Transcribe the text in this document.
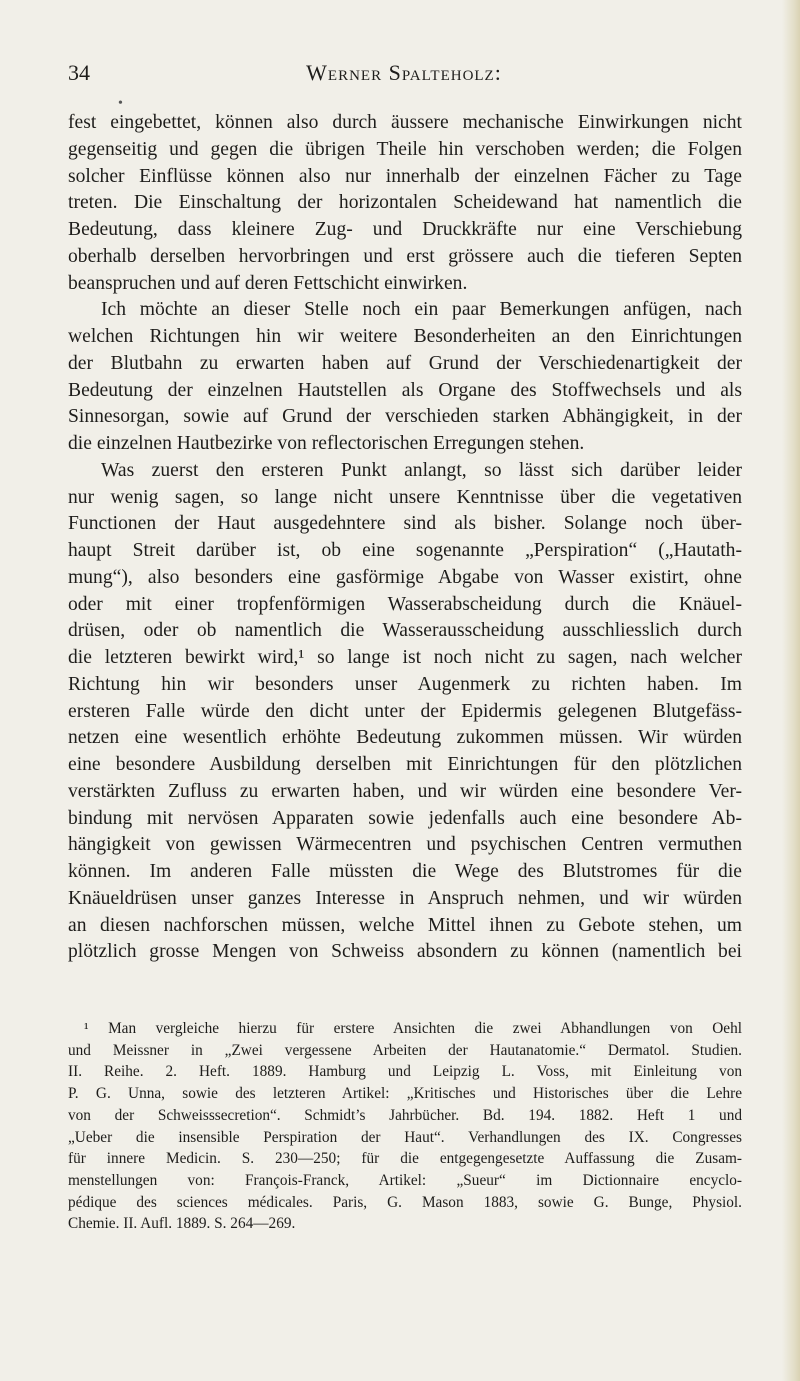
34	Werner Spalteholz:
•
fest eingebettet, können also durch äussere mechanische Einwirkungen nicht
gegenseitig und gegen die übrigen Theile hin verschoben werden; die Folgen
solcher Einflüsse können also nur innerhalb der einzelnen Fächer zu Tage
treten. Die Einschaltung der horizontalen Scheidewand hat namentlich die
Bedeutung, dass kleinere Zug- und Druckkräfte nur eine Verschiebung
oberhalb derselben hervorbringen und erst grössere auch die tieferen Septen
beanspruchen und auf deren Fettschicht einwirken.
Ich möchte an dieser Stelle noch ein paar Bemerkungen anfügen, nach
welchen Richtungen hin wir weitere Besonderheiten an den Einrichtungen
der Blutbahn zu erwarten haben auf Grund der Verschiedenartigkeit der
Bedeutung der einzelnen Hautstellen als Organe des Stoffwechsels und als
Sinnesorgan, sowie auf Grund der verschieden starken Abhängigkeit, in der
die einzelnen Hautbezirke von reflectorischen Erregungen stehen.
Was zuerst den ersteren Punkt anlangt, so lässt sich darüber leider
nur wenig sagen, so lange nicht unsere Kenntnisse über die vegetativen
Functionen der Haut ausgedehntere sind als bisher. Solange noch über-
haupt Streit darüber ist, ob eine sogenannte „Perspiration“ („Hautath-
mung“), also besonders eine gasförmige Abgabe von Wasser existirt, ohne
oder mit einer tropfenförmigen Wasserabscheidung durch die Knäuel-
drüsen, oder ob namentlich die Wasserausscheidung ausschliesslich durch
die letzteren bewirkt wird,¹ so lange ist noch nicht zu sagen, nach welcher
Richtung hin wir besonders unser Augenmerk zu richten haben. Im
ersteren Falle würde den dicht unter der Epidermis gelegenen Blutgefäss-
netzen eine wesentlich erhöhte Bedeutung zukommen müssen. Wir würden
eine besondere Ausbildung derselben mit Einrichtungen für den plötzlichen
verstärkten Zufluss zu erwarten haben, und wir würden eine besondere Ver-
bindung mit nervösen Apparaten sowie jedenfalls auch eine besondere Ab-
hängigkeit von gewissen Wärmecentren und psychischen Centren vermuthen
können. Im anderen Falle müssten die Wege des Blutstromes für die
Knäueldrüsen unser ganzes Interesse in Anspruch nehmen, und wir würden
an diesen nachforschen müssen, welche Mittel ihnen zu Gebote stehen, um
plötzlich grosse Mengen von Schweiss absondern zu können (namentlich bei
¹ Man vergleiche hierzu für erstere Ansichten die zwei Abhandlungen von Oehl
und Meissner in „Zwei vergessene Arbeiten der Hautanatomie.“ Dermatol. Studien.
II. Reihe. 2. Heft. 1889. Hamburg und Leipzig L. Voss, mit Einleitung von
P. G. Unna, sowie des letzteren Artikel: „Kritisches und Historisches über die Lehre
von der Schweisssecretion“. Schmidt’s Jahrbücher. Bd. 194. 1882. Heft 1 und
„Ueber die insensible Perspiration der Haut“. Verhandlungen des IX. Congresses
für innere Medicin. S. 230—250; für die entgegengesetzte Auffassung die Zusam-
menstellungen von: François-Franck, Artikel: „Sueur“ im Dictionnaire encyclo-
pédique des sciences médicales. Paris, G. Mason 1883, sowie G. Bunge, Physiol.
Chemie. II. Aufl. 1889. S. 264—269.
